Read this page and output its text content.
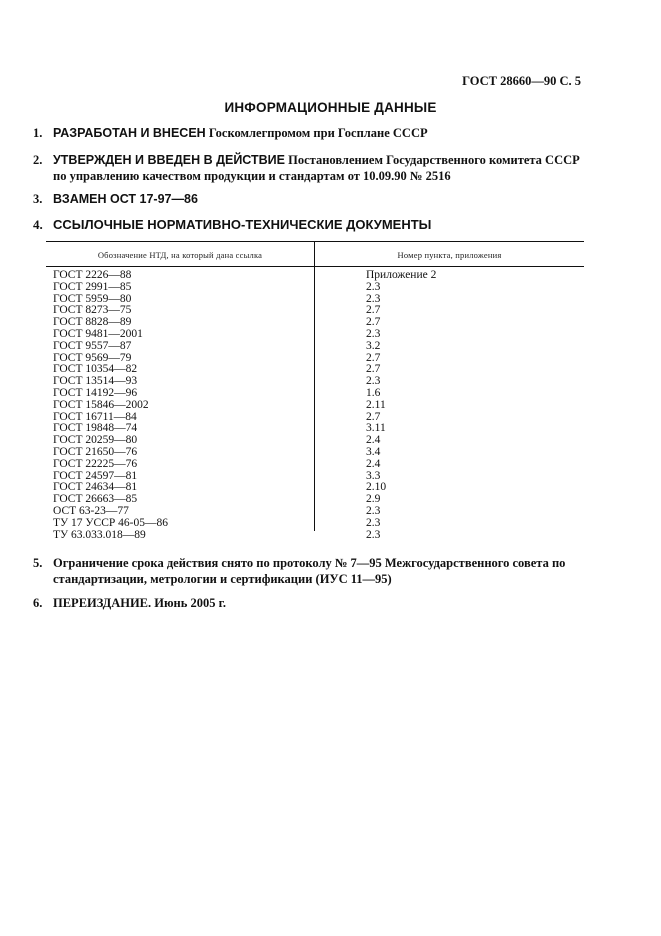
ГОСТ 28660—90 С. 5
ИНФОРМАЦИОННЫЕ ДАННЫЕ
1. РАЗРАБОТАН И ВНЕСЕН Госкомлегпромом при Госплане СССР
2. УТВЕРЖДЕН И ВВЕДЕН В ДЕЙСТВИЕ Постановлением Государственного комитета СССР по управлению качеством продукции и стандартам от 10.09.90 № 2516
3. ВЗАМЕН ОСТ 17-97—86
4. ССЫЛОЧНЫЕ НОРМАТИВНО-ТЕХНИЧЕСКИЕ ДОКУМЕНТЫ
Обозначение НТД, на который дана ссылка	Номер пункта, приложения
ГОСТ 2226—88
ГОСТ 2991—85
ГОСТ 5959—80
ГОСТ 8273—75
ГОСТ 8828—89
ГОСТ 9481—2001
ГОСТ 9557—87
ГОСТ 9569—79
ГОСТ 10354—82
ГОСТ 13514—93
ГОСТ 14192—96
ГОСТ 15846—2002
ГОСТ 16711—84
ГОСТ 19848—74
ГОСТ 20259—80
ГОСТ 21650—76
ГОСТ 22225—76
ГОСТ 24597—81
ГОСТ 24634—81
ГОСТ 26663—85
ОСТ 63-23—77
ТУ 17 УССР 46-05—86
ТУ 63.033.018—89
Приложение 2
2.3
2.3
2.7
2.7
2.3
3.2
2.7
2.7
2.3
1.6
2.11
2.7
3.11
2.4
3.4
2.4
3.3
2.10
2.9
2.3
2.3
2.3
5. Ограничение срока действия снято по протоколу № 7—95 Межгосударственного совета по стандартизации, метрологии и сертификации (ИУС 11—95)
6. ПЕРЕИЗДАНИЕ. Июнь 2005 г.
